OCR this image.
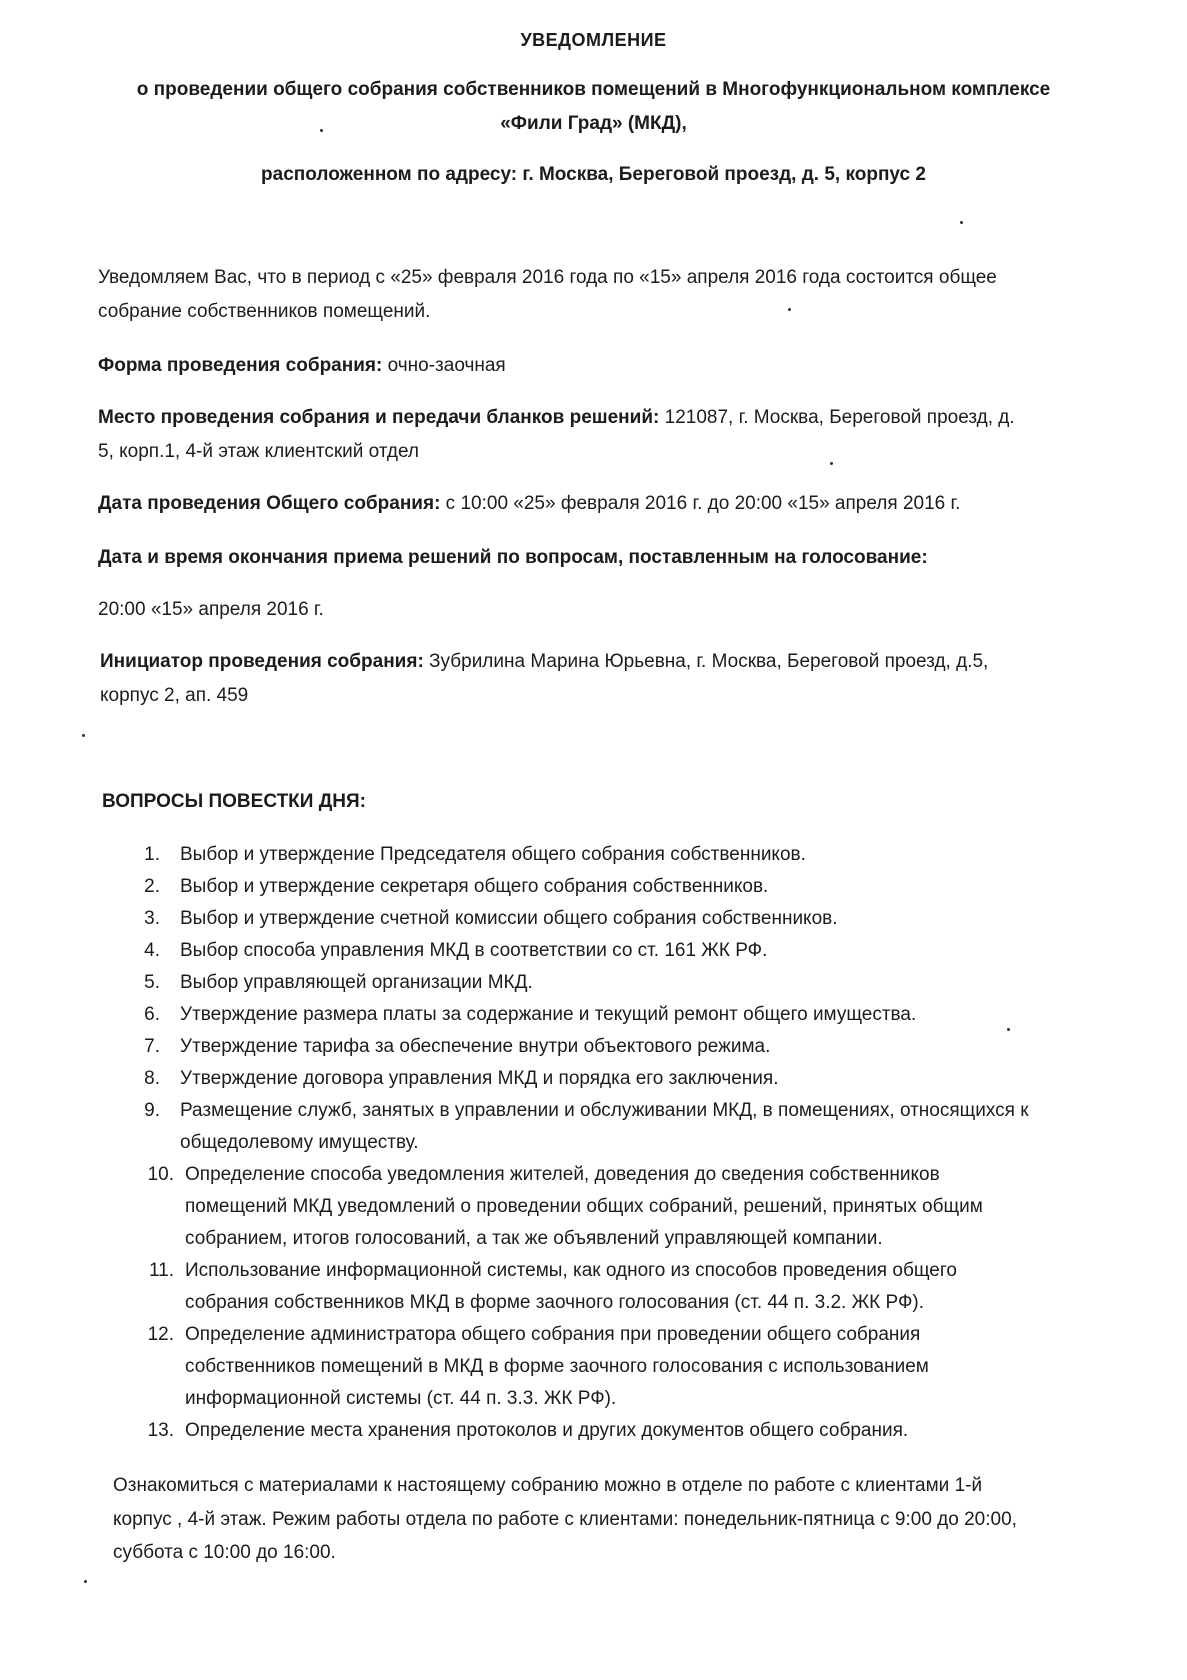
УВЕДОМЛЕНИЕ
о проведении общего собрания собственников помещений в Многофункциональном комплексе
«Фили Град» (МКД),
расположенном по адресу: г. Москва, Береговой проезд, д. 5, корпус 2
Уведомляем Вас, что в период с «25» февраля 2016 года по «15» апреля 2016 года состоится общее
собрание собственников помещений.
Форма проведения собрания: очно-заочная
Место проведения собрания и передачи бланков решений: 121087, г. Москва, Береговой проезд, д.
5, корп.1, 4-й этаж клиентский отдел
Дата проведения Общего собрания: с 10:00 «25» февраля 2016 г. до 20:00 «15» апреля 2016 г.
Дата и время окончания приема решений по вопросам, поставленным на голосование:
20:00 «15» апреля 2016 г.
Инициатор проведения собрания: Зубрилина Марина Юрьевна, г. Москва, Береговой проезд, д.5,
корпус 2, ап. 459
ВОПРОСЫ ПОВЕСТКИ ДНЯ:
1. Выбор и утверждение Председателя общего собрания собственников.
2. Выбор и утверждение секретаря общего собрания собственников.
3. Выбор и утверждение счетной комиссии общего собрания собственников.
4. Выбор способа управления МКД в соответствии со ст. 161 ЖК РФ.
5. Выбор управляющей организации МКД.
6. Утверждение размера платы за содержание и текущий ремонт общего имущества.
7. Утверждение тарифа за обеспечение внутри объектового режима.
8. Утверждение договора управления МКД и порядка его заключения.
9. Размещение служб, занятых в управлении и обслуживании МКД, в помещениях, относящихся к
общедолевому имуществу.
10. Определение способа уведомления жителей, доведения до сведения собственников
помещений МКД уведомлений о проведении общих собраний, решений, принятых общим
собранием, итогов голосований, а так же объявлений управляющей компании.
11. Использование информационной системы, как одного из способов проведения общего
собрания собственников МКД в форме заочного голосования (ст. 44 п. 3.2. ЖК РФ).
12. Определение администратора общего собрания при проведении общего собрания
собственников помещений в МКД в форме заочного голосования с использованием
информационной системы (ст. 44 п. 3.3. ЖК РФ).
13. Определение места хранения протоколов и других документов общего собрания.
Ознакомиться с материалами к настоящему собранию можно в отделе по работе с клиентами 1-й
корпус , 4-й этаж. Режим работы отдела по работе с клиентами: понедельник-пятница с 9:00 до 20:00,
суббота с 10:00 до 16:00.
